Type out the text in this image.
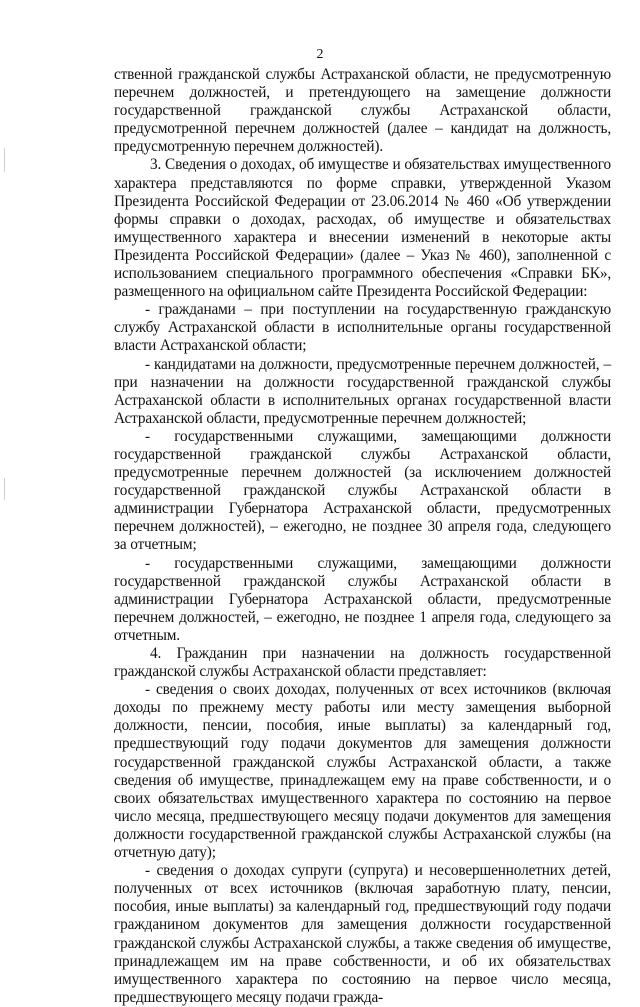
2

ственной гражданской службы Астраханской области, не предусмотренную перечнем должностей, и претендующего на замещение должности государственной гражданской службы Астраханской области, предусмотренной перечнем должностей (далее – кандидат на должность, предусмотренную перечнем должностей).

3. Сведения о доходах, об имуществе и обязательствах имущественного характера представляются по форме справки, утвержденной Указом Президента Российской Федерации от 23.06.2014 № 460 «Об утверждении формы справки о доходах, расходах, об имуществе и обязательствах имущественного характера и внесении изменений в некоторые акты Президента Российской Федерации» (далее – Указ № 460), заполненной с использованием специального программного обеспечения «Справки БК», размещенного на официальном сайте Президента Российской Федерации:

- гражданами – при поступлении на государственную гражданскую службу Астраханской области в исполнительные органы государственной власти Астраханской области;

- кандидатами на должности, предусмотренные перечнем должностей, – при назначении на должности государственной гражданской службы Астраханской области в исполнительных органах государственной власти Астраханской области, предусмотренные перечнем должностей;

- государственными служащими, замещающими должности государственной гражданской службы Астраханской области, предусмотренные перечнем должностей (за исключением должностей государственной гражданской службы Астраханской области в администрации Губернатора Астраханской области, предусмотренных перечнем должностей), – ежегодно, не позднее 30 апреля года, следующего за отчетным;

- государственными служащими, замещающими должности государственной гражданской службы Астраханской области в администрации Губернатора Астраханской области, предусмотренные перечнем должностей, – ежегодно, не позднее 1 апреля года, следующего за отчетным.

4. Гражданин при назначении на должность государственной гражданской службы Астраханской области представляет:

- сведения о своих доходах, полученных от всех источников (включая доходы по прежнему месту работы или месту замещения выборной должности, пенсии, пособия, иные выплаты) за календарный год, предшествующий году подачи документов для замещения должности государственной гражданской службы Астраханской области, а также сведения об имуществе, принадлежащем ему на праве собственности, и о своих обязательствах имущественного характера по состоянию на первое число месяца, предшествующего месяцу подачи документов для замещения должности государственной гражданской службы Астраханской службы (на отчетную дату);

- сведения о доходах супруги (супруга) и несовершеннолетних детей, полученных от всех источников (включая заработную плату, пенсии, пособия, иные выплаты) за календарный год, предшествующий году подачи гражданином документов для замещения должности государственной гражданской службы Астраханской службы, а также сведения об имуществе, принадлежащем им на праве собственности, и об их обязательствах имущественного характера по состоянию на первое число месяца, предшествующего месяцу подачи гражда-
